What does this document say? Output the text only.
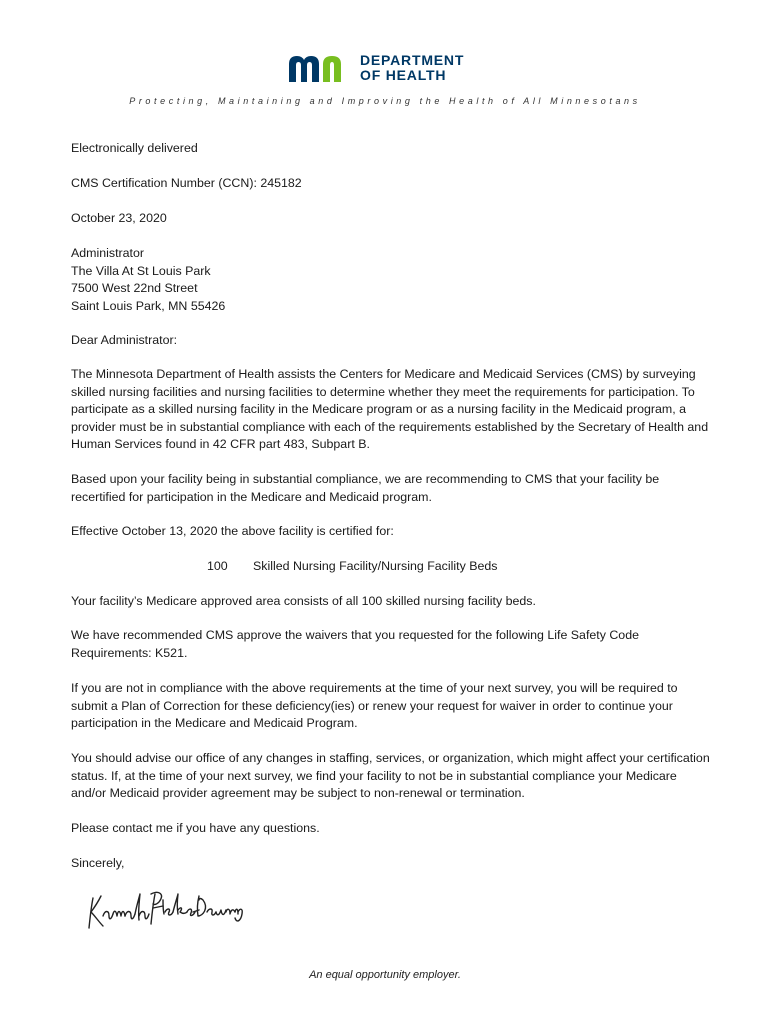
DEPARTMENT
OF HEALTH
Protecting, Maintaining and Improving the Health of All Minnesotans

Electronically delivered

CMS Certification Number (CCN): 245182

October 23, 2020

Administrator

The Villa At St Louis Park

7500 West 22nd Street

Saint Louis Park, MN 55426

Dear Administrator:

The Minnesota Department of Health assists the Centers for Medicare and Medicaid Services (CMS) by surveying skilled nursing facilities and nursing facilities to determine whether they meet the requirements for participation. To participate as a skilled nursing facility in the Medicare program or as a nursing facility in the Medicaid program, a provider must be in substantial compliance with each of the requirements established by the Secretary of Health and Human Services found in 42 CFR part 483, Subpart B.

Based upon your facility being in substantial compliance, we are recommending to CMS that your facility be recertified for participation in the Medicare and Medicaid program.

Effective October 13, 2020 the above facility is certified for:

Your facility’s Medicare approved area consists of all 100 skilled nursing facility beds.

We have recommended CMS approve the waivers that you requested for the following Life Safety Code Requirements: K521.

If you are not in compliance with the above requirements at the time of your next survey, you will be required to submit a Plan of Correction for these deficiency(ies) or renew your request for waiver in order to continue your participation in the Medicare and Medicaid Program.

You should advise our office of any changes in staffing, services, or organization, which might affect your certification status. If, at the time of your next survey, we find your facility to not be in substantial compliance your Medicare and/or Medicaid provider agreement may be subject to non-renewal or termination.

Please contact me if you have any questions.

Sincerely,

100 Skilled Nursing Facility/Nursing Facility Beds
An equal opportunity employer.
